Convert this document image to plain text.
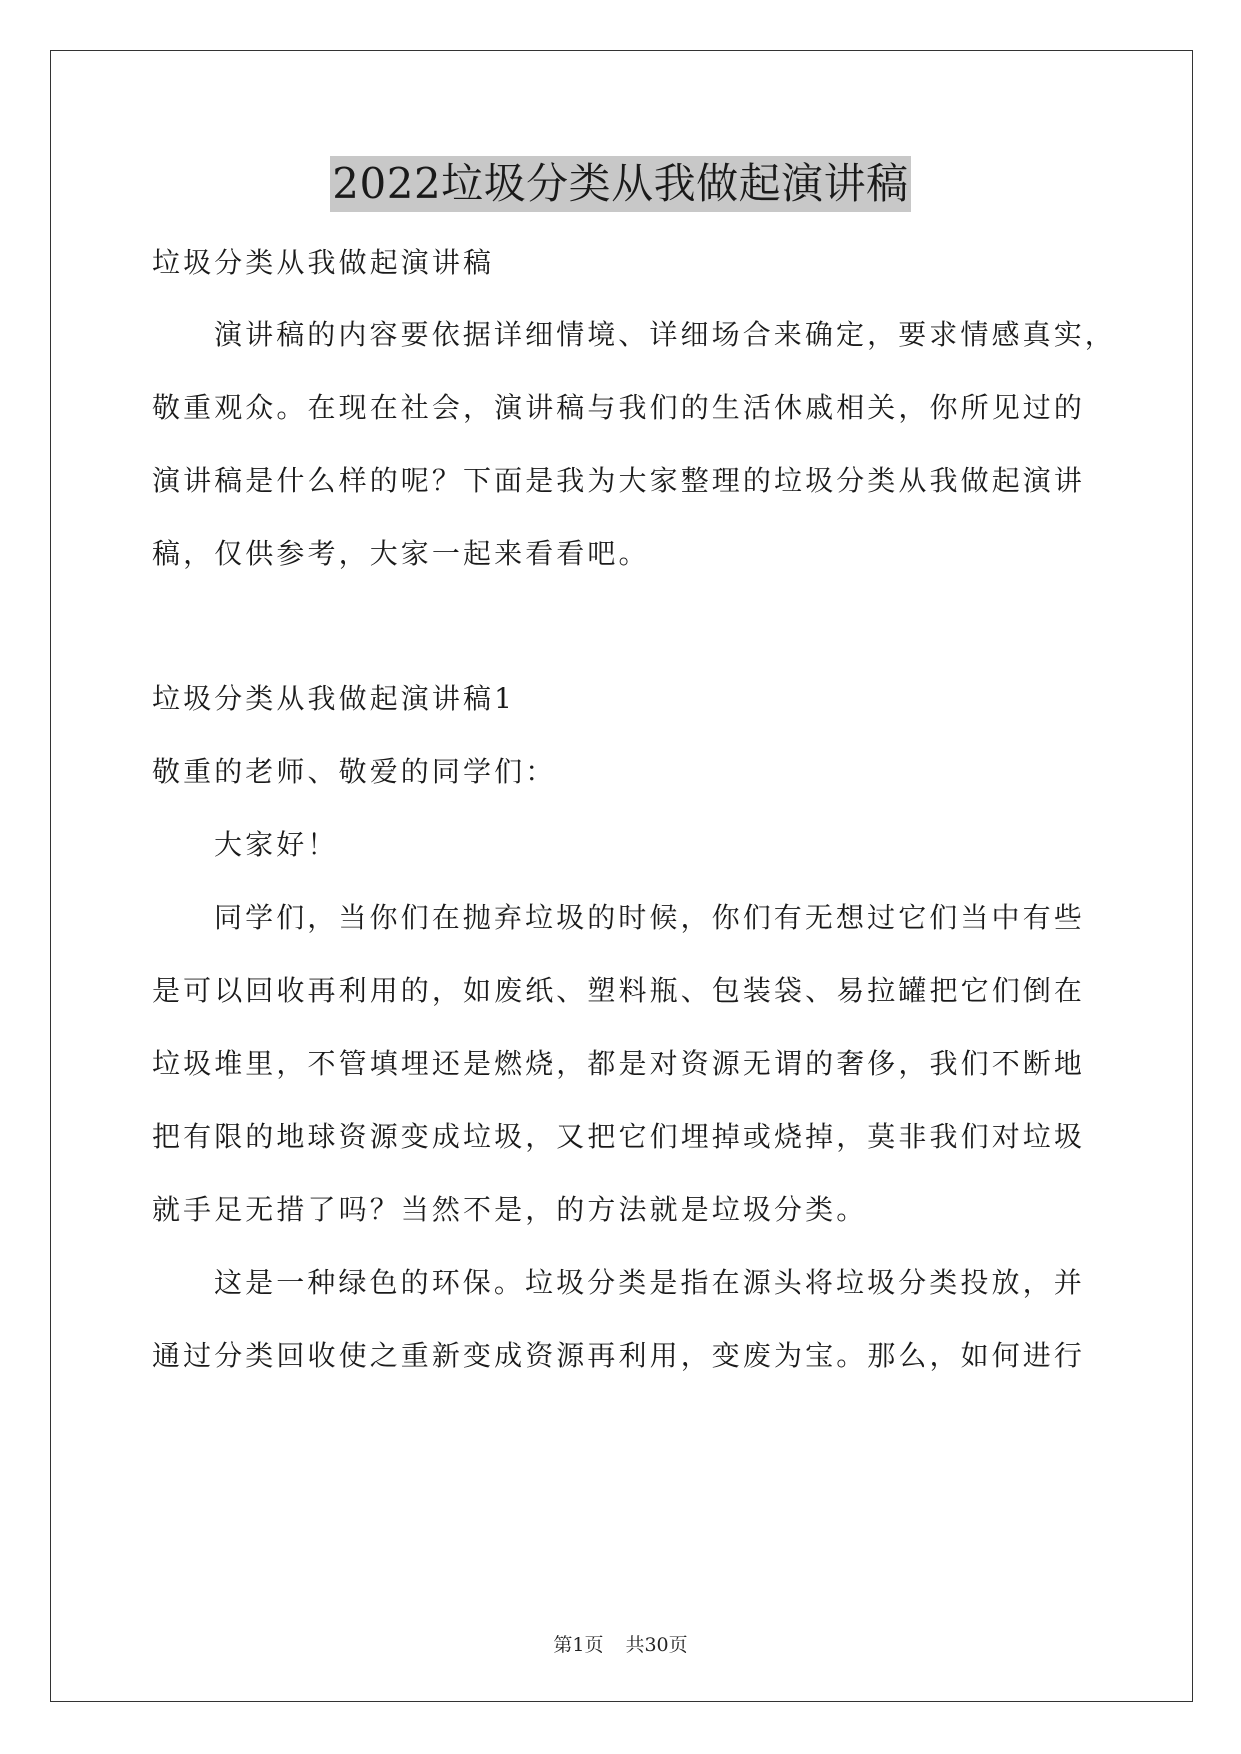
2022垃圾分类从我做起演讲稿
垃圾分类从我做起演讲稿
演讲稿的内容要依据详细情境、详细场合来确定，要求情感真实，
敬重观众。在现在社会，演讲稿与我们的生活休戚相关，你所见过的
演讲稿是什么样的呢？下面是我为大家整理的垃圾分类从我做起演讲
稿，仅供参考，大家一起来看看吧。
垃圾分类从我做起演讲稿1
敬重的老师、敬爱的同学们：
大家好！
同学们，当你们在抛弃垃圾的时候，你们有无想过它们当中有些
是可以回收再利用的，如废纸、塑料瓶、包装袋、易拉罐把它们倒在
垃圾堆里，不管填埋还是燃烧，都是对资源无谓的奢侈，我们不断地
把有限的地球资源变成垃圾，又把它们埋掉或烧掉，莫非我们对垃圾
就手足无措了吗？当然不是，的方法就是垃圾分类。
这是一种绿色的环保。垃圾分类是指在源头将垃圾分类投放，并
通过分类回收使之重新变成资源再利用，变废为宝。那么，如何进行
第1页 共30页
